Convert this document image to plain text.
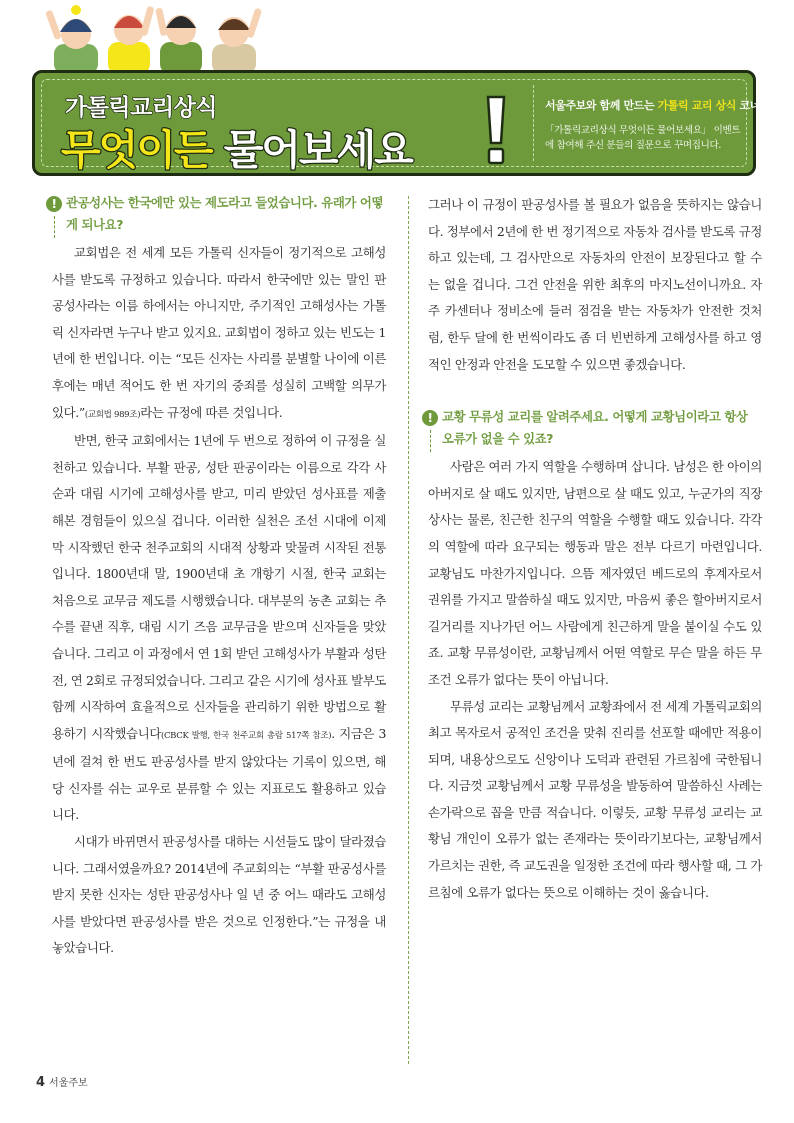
가톨릭교리상식
무엇이든 물어보세요
서울주보와 함께 만드는 가톨릭 교리 상식 코너
「가톨릭교리상식 무엇이든 물어보세요」 이벤트에 참여해 주신 분들의 질문으로 꾸며집니다.
! 관공성사는 한국에만 있는 제도라고 들었습니다. 유래가 어떻게 되나요?

교회법은 전 세계 모든 가톨릭 신자들이 정기적으로 고해성사를 받도록 규정하고 있습니다. 따라서 한국에만 있는 말인 판공성사라는 이름 하에서는 아니지만, 주기적인 고해성사는 가톨릭 신자라면 누구나 받고 있지요. 교회법이 정하고 있는 빈도는 1년에 한 번입니다. 이는 “모든 신자는 사리를 분별할 나이에 이른 후에는 매년 적어도 한 번 자기의 중죄를 성실히 고백할 의무가 있다.”(교회법 989조)라는 규정에 따른 것입니다.

반면, 한국 교회에서는 1년에 두 번으로 정하여 이 규정을 실천하고 있습니다. 부활 판공, 성탄 판공이라는 이름으로 각각 사순과 대림 시기에 고해성사를 받고, 미리 받았던 성사표를 제출해본 경험들이 있으실 겁니다. 이러한 실천은 조선 시대에 이제 막 시작했던 한국 천주교회의 시대적 상황과 맞물려 시작된 전통입니다. 1800년대 말, 1900년대 초 개항기 시절, 한국 교회는 처음으로 교무금 제도를 시행했습니다. 대부분의 농촌 교회는 추수를 끝낸 직후, 대림 시기 즈음 교무금을 받으며 신자들을 맞았습니다. 그리고 이 과정에서 연 1회 받던 고해성사가 부활과 성탄 전, 연 2회로 규정되었습니다. 그리고 같은 시기에 성사표 발부도 함께 시작하여 효율적으로 신자들을 관리하기 위한 방법으로 활용하기 시작했습니다(CBCK 발행, 한국 천주교회 총람 517쪽 참조). 지금은 3년에 걸쳐 한 번도 판공성사를 받지 않았다는 기록이 있으면, 해당 신자를 쉬는 교우로 분류할 수 있는 지표로도 활용하고 있습니다.

시대가 바뀌면서 판공성사를 대하는 시선들도 많이 달라졌습니다. 그래서였을까요? 2014년에 주교회의는 “부활 판공성사를 받지 못한 신자는 성탄 판공성사나 일 년 중 어느 때라도 고해성사를 받았다면 판공성사를 받은 것으로 인정한다.”는 규정을 내놓았습니다.

그러나 이 규정이 판공성사를 볼 필요가 없음을 뜻하지는 않습니다. 정부에서 2년에 한 번 정기적으로 자동차 검사를 받도록 규정하고 있는데, 그 검사만으로 자동차의 안전이 보장된다고 할 수는 없을 겁니다. 그건 안전을 위한 최후의 마지노선이니까요. 자주 카센터나 정비소에 들러 점검을 받는 자동차가 안전한 것처럼, 한두 달에 한 번씩이라도 좀 더 빈번하게 고해성사를 하고 영적인 안정과 안전을 도모할 수 있으면 좋겠습니다.

! 교황 무류성 교리를 알려주세요. 어떻게 교황님이라고 항상 오류가 없을 수 있죠?

사람은 여러 가지 역할을 수행하며 삽니다. 남성은 한 아이의 아버지로 살 때도 있지만, 남편으로 살 때도 있고, 누군가의 직장 상사는 물론, 친근한 친구의 역할을 수행할 때도 있습니다. 각각의 역할에 따라 요구되는 행동과 말은 전부 다르기 마련입니다. 교황님도 마찬가지입니다. 으뜸 제자였던 베드로의 후계자로서 권위를 가지고 말씀하실 때도 있지만, 마음씨 좋은 할아버지로서 길거리를 지나가던 어느 사람에게 친근하게 말을 붙이실 수도 있죠. 교황 무류성이란, 교황님께서 어떤 역할로 무슨 말을 하든 무조건 오류가 없다는 뜻이 아닙니다.

무류성 교리는 교황님께서 교황좌에서 전 세계 가톨릭교회의 최고 목자로서 공적인 조건을 맞춰 진리를 선포할 때에만 적용이 되며, 내용상으로도 신앙이나 도덕과 관련된 가르침에 국한됩니다. 지금껏 교황님께서 교황 무류성을 발동하여 말씀하신 사례는 손가락으로 꼽을 만큼 적습니다. 이렇듯, 교황 무류성 교리는 교황님 개인이 오류가 없는 존재라는 뜻이라기보다는, 교황님께서 가르치는 권한, 즉 교도권을 일정한 조건에 따라 행사할 때, 그 가르침에 오류가 없다는 뜻으로 이해하는 것이 옳습니다.

4 서울주보
